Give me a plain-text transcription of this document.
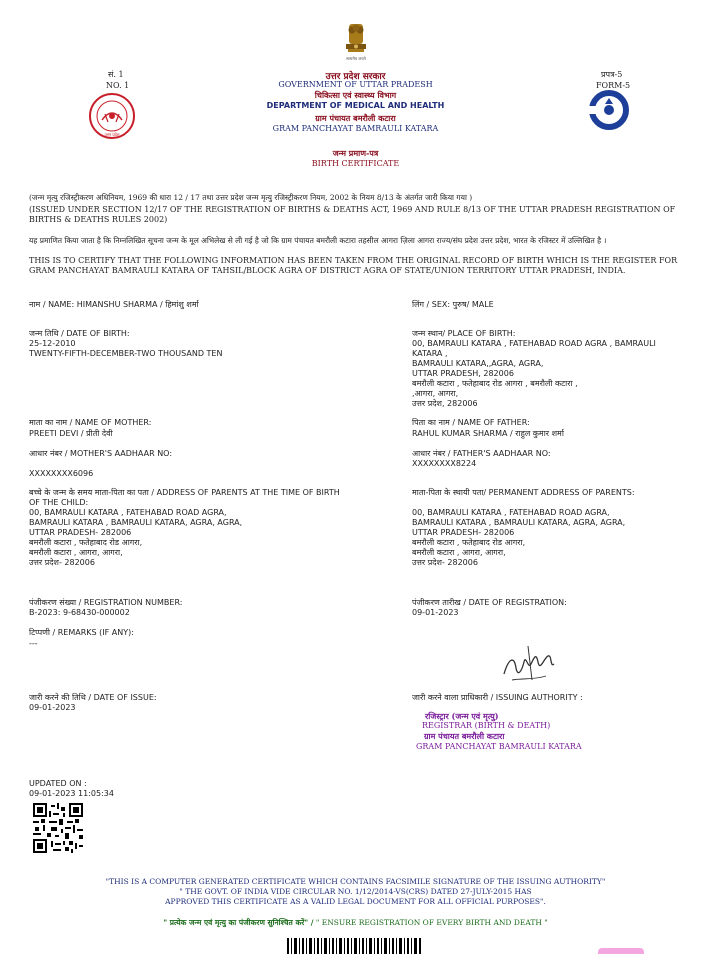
सत्यमेव जयते
सं. 1
NO. 1
प्रपत्र-5
FORM-5
उत्तर प्रदेश
उत्तर प्रदेश सरकार
GOVERNMENT OF UTTAR PRADESH
चिकित्सा एवं स्वास्थ्य विभाग
DEPARTMENT OF MEDICAL AND HEALTH
ग्राम पंचायत बमरौली कटारा
GRAM PANCHAYAT BAMRAULI KATARA
जन्म प्रमाण-पत्र
BIRTH CERTIFICATE
(जन्म मृत्यु रजिस्ट्रीकरण अधिनियम, 1969 की धारा 12 / 17 तथा उत्तर प्रदेश जन्म मृत्यु रजिस्ट्रीकरण नियम, 2002 के नियम 8/13 के अंतर्गत जारी किया गया )
(ISSUED UNDER SECTION 12/17 OF THE REGISTRATION OF BIRTHS & DEATHS ACT, 1969 AND RULE 8/13 OF THE UTTAR PRADESH REGISTRATION OF BIRTHS & DEATHS RULES 2002)
यह प्रमाणित किया जाता है कि निम्नलिखित सूचना जन्म के मूल अभिलेख से ली गई है जो कि ग्राम पंचायत बमरौली कटारा तहसील आगरा ज़िला आगरा राज्य/संघ प्रदेश उत्तर प्रदेश, भारत के रजिस्टर में उल्लिखित है ।
THIS IS TO CERTIFY THAT THE FOLLOWING INFORMATION HAS BEEN TAKEN FROM THE ORIGINAL RECORD OF BIRTH WHICH IS THE REGISTER FOR GRAM PANCHAYAT BAMRAULI KATARA OF TAHSIL/BLOCK AGRA OF DISTRICT AGRA OF STATE/UNION TERRITORY UTTAR PRADESH, INDIA.
नाम / NAME: HIMANSHU SHARMA / हिमांशु शर्मा	लिंग / SEX: पुरुष/ MALE
जन्म तिथि / DATE OF BIRTH:
25-12-2010
TWENTY-FIFTH-DECEMBER-TWO THOUSAND TEN
जन्म स्थान/ PLACE OF BIRTH:
00, BAMRAULI KATARA , FATEHABAD ROAD AGRA , BAMRAULI
KATARA ,
BAMRAULI KATARA,,AGRA, AGRA,
UTTAR PRADESH, 282006
बमरौली कटारा , फतेहाबाद रोड आगरा , बमरौली कटारा ,
,आगरा, आगरा,
उत्तर प्रदेश, 282006
माता का नाम / NAME OF MOTHER:
PREETI DEVI / प्रीती देवी
पिता का नाम / NAME OF FATHER:
RAHUL KUMAR SHARMA / राहुल कुमार शर्मा
आधार नंबर / MOTHER'S AADHAAR NO:
XXXXXXXX6096
आधार नंबर / FATHER'S AADHAAR NO:
XXXXXXXX8224
बच्चे के जन्म के समय माता-पिता का पता / ADDRESS OF PARENTS AT THE TIME OF BIRTH
OF THE CHILD:
00, BAMRAULI KATARA , FATEHABAD ROAD AGRA,
BAMRAULI KATARA , BAMRAULI KATARA, AGRA, AGRA,
UTTAR PRADESH- 282006
बमरौली कटारा , फतेहाबाद रोड आगरा,
बमरौली कटारा , आगरा, आगरा,
उत्तर प्रदेश- 282006
माता-पिता के स्थायी पता/ PERMANENT ADDRESS OF PARENTS:
00, BAMRAULI KATARA , FATEHABAD ROAD AGRA,
BAMRAULI KATARA , BAMRAULI KATARA, AGRA, AGRA,
UTTAR PRADESH- 282006
बमरौली कटारा , फतेहाबाद रोड आगरा,
बमरौली कटारा , आगरा, आगरा,
उत्तर प्रदेश- 282006
पंजीकरण संख्या / REGISTRATION NUMBER:
B-2023: 9-68430-000002
पंजीकरण तारीख / DATE OF REGISTRATION:
09-01-2023
टिप्पणी / REMARKS (IF ANY):
---
जारी करने की तिथि / DATE OF ISSUE:
09-01-2023
जारी करने वाला प्राधिकारी / ISSUING AUTHORITY :
रजिस्ट्रार (जन्म एवं मृत्यु)
REGISTRAR (BIRTH & DEATH)
ग्राम पंचायत बमरौली कटारा
GRAM PANCHAYAT BAMRAULI KATARA
UPDATED ON :
09-01-2023 11:05:34
"THIS IS A COMPUTER GENERATED CERTIFICATE WHICH CONTAINS FACSIMILE SIGNATURE OF THE ISSUING AUTHORITY"
" THE GOVT. OF INDIA VIDE CIRCULAR NO. 1/12/2014-VS(CRS) DATED 27-JULY-2015 HAS
APPROVED THIS CERTIFICATE AS A VALID LEGAL DOCUMENT FOR ALL OFFICIAL PURPOSES".
" प्रत्येक जन्म एवं मृत्यु का पंजीकरण सुनिश्चित करें" / " ENSURE REGISTRATION OF EVERY BIRTH AND DEATH "
